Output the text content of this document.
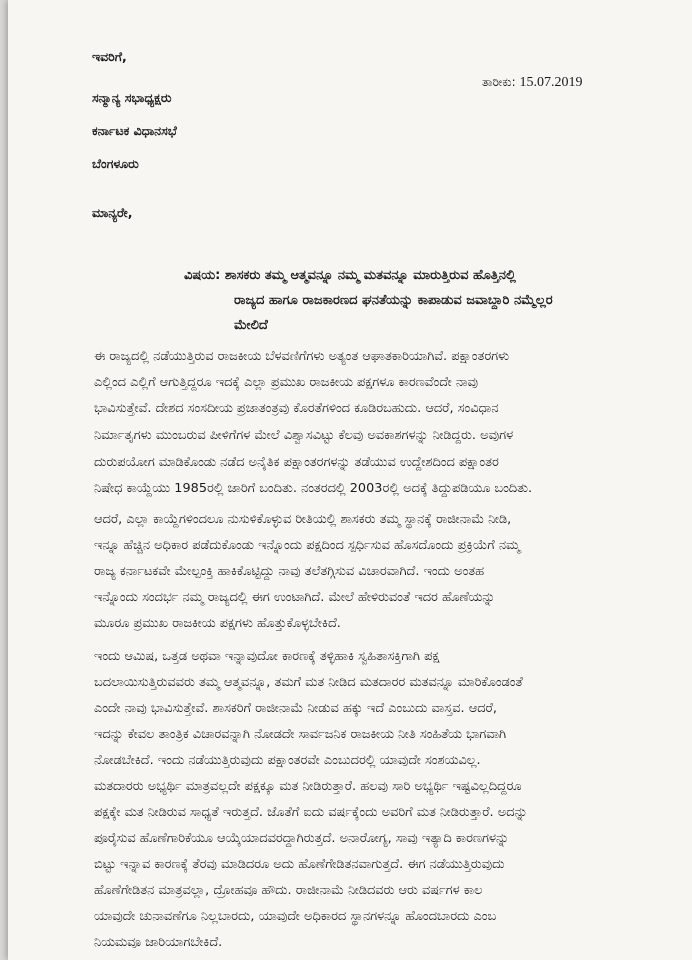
ಇವರಿಗೆ,
ಸನ್ಮಾನ್ಯ ಸಭಾಧ್ಯಕ್ಷರು
ಕರ್ನಾಟಕ ವಿಧಾನಸಭೆ
ಬೆಂಗಳೂರು
ತಾರೀಕು: 15.07.2019
ಮಾನ್ಯರೇ,
ವಿಷಯ: ಶಾಸಕರು ತಮ್ಮ ಆತ್ಮವನ್ನೂ ನಮ್ಮ ಮತವನ್ನೂ ಮಾರುತ್ತಿರುವ ಹೊತ್ತಿನಲ್ಲಿ
ರಾಜ್ಯದ ಹಾಗೂ ರಾಜಕಾರಣದ ಘನತೆಯನ್ನು ಕಾಪಾಡುವ ಜವಾಬ್ದಾರಿ ನಮ್ಮೆಲ್ಲರ
ಮೇಲಿದೆ
ಈ ರಾಜ್ಯದಲ್ಲಿ ನಡೆಯುತ್ತಿರುವ ರಾಜಕೀಯ ಬೆಳವಣಿಗೆಗಳು ಅತ್ಯಂತ ಆಘಾತಕಾರಿಯಾಗಿವೆ. ಪಕ್ಷಾಂತರಗಳು
ಎಲ್ಲಿಂದ ಎಲ್ಲಿಗೆ ಆಗುತ್ತಿದ್ದರೂ ಇದಕ್ಕೆ ಎಲ್ಲಾ ಪ್ರಮುಖ ರಾಜಕೀಯ ಪಕ್ಷಗಳೂ ಕಾರಣವೆಂದೇ ನಾವು
ಭಾವಿಸುತ್ತೇವೆ. ದೇಶದ ಸಂಸದೀಯ ಪ್ರಜಾತಂತ್ರವು ಕೊರತೆಗಳಿಂದ ಕೂಡಿರಬಹುದು. ಆದರೆ, ಸಂವಿಧಾನ
ನಿರ್ಮಾತೃಗಳು ಮುಂಬರುವ ಪೀಳಿಗೆಗಳ ಮೇಲೆ ವಿಶ್ವಾಸವಿಟ್ಟು ಕೆಲವು ಅವಕಾಶಗಳನ್ನು ನೀಡಿದ್ದರು. ಅವುಗಳ
ದುರುಪಯೋಗ ಮಾಡಿಕೊಂಡು ನಡೆದ ಅನೈತಿಕ ಪಕ್ಷಾಂತರಗಳನ್ನು ತಡೆಯುವ ಉದ್ದೇಶದಿಂದ ಪಕ್ಷಾಂತರ
ನಿಷೇಧ ಕಾಯ್ದೆಯು 1985ರಲ್ಲಿ ಜಾರಿಗೆ ಬಂದಿತು. ನಂತರದಲ್ಲಿ 2003ರಲ್ಲಿ ಅದಕ್ಕೆ ತಿದ್ದುಪಡಿಯೂ ಬಂದಿತು.
ಆದರೆ, ಎಲ್ಲಾ ಕಾಯ್ದೆಗಳಿಂದಲೂ ನುಸುಳಿಕೊಳ್ಳುವ ರೀತಿಯಲ್ಲಿ ಶಾಸಕರು ತಮ್ಮ ಸ್ಥಾನಕ್ಕೆ ರಾಜೀನಾಮೆ ನೀಡಿ,
ಇನ್ನೂ ಹೆಚ್ಚಿನ ಅಧಿಕಾರ ಪಡೆದುಕೊಂಡು ಇನ್ನೊಂದು ಪಕ್ಷದಿಂದ ಸ್ಪರ್ಧಿಸುವ ಹೊಸದೊಂದು ಪ್ರಕ್ರಿಯೆಗೆ ನಮ್ಮ
ರಾಜ್ಯ ಕರ್ನಾಟಕವೇ ಮೇಲ್ಪಂಕ್ತಿ ಹಾಕಿಕೊಟ್ಟಿದ್ದು ನಾವು ತಲೆತಗ್ಗಿಸುವ ವಿಚಾರವಾಗಿದೆ. ಇಂದು ಅಂತಹ
ಇನ್ನೊಂದು ಸಂದರ್ಭ ನಮ್ಮ ರಾಜ್ಯದಲ್ಲಿ ಈಗ ಉಂಟಾಗಿದೆ. ಮೇಲೆ ಹೇಳಿರುವಂತೆ ಇದರ ಹೊಣೆಯನ್ನು
ಮೂರೂ ಪ್ರಮುಖ ರಾಜಕೀಯ ಪಕ್ಷಗಳು ಹೊತ್ತುಕೊಳ್ಳಬೇಕಿದೆ.
ಇಂದು ಆಮಿಷ, ಒತ್ತಡ ಅಥವಾ ಇನ್ನಾವುದೋ ಕಾರಣಕ್ಕೆ ತಳ್ಳಿಹಾಕಿ ಸ್ವಹಿತಾಸಕ್ತಿಗಾಗಿ ಪಕ್ಷ
ಬದಲಾಯಿಸುತ್ತಿರುವವರು ತಮ್ಮ ಆತ್ಮವನ್ನೂ, ತಮಗೆ ಮತ ನೀಡಿದ ಮತದಾರರ ಮತವನ್ನೂ ಮಾರಿಕೊಂಡಂತೆ
ಎಂದೇ ನಾವು ಭಾವಿಸುತ್ತೇವೆ. ಶಾಸಕರಿಗೆ ರಾಜೀನಾಮೆ ನೀಡುವ ಹಕ್ಕು ಇದೆ ಎಂಬುದು ವಾಸ್ತವ. ಆದರೆ,
ಇದನ್ನು ಕೇವಲ ತಾಂತ್ರಿಕ ವಿಚಾರವನ್ನಾಗಿ ನೋಡದೇ ಸಾರ್ವಜನಿಕ ರಾಜಕೀಯ ನೀತಿ ಸಂಹಿತೆಯ ಭಾಗವಾಗಿ
ನೋಡಬೇಕಿದೆ. ಇಂದು ನಡೆಯುತ್ತಿರುವುದು ಪಕ್ಷಾಂತರವೇ ಎಂಬುದರಲ್ಲಿ ಯಾವುದೇ ಸಂಶಯವಿಲ್ಲ.
ಮತದಾರರು ಅಭ್ಯರ್ಥಿ ಮಾತ್ರವಲ್ಲದೇ ಪಕ್ಷಕ್ಕೂ ಮತ ನೀಡಿರುತ್ತಾರೆ. ಹಲವು ಸಾರಿ ಅಭ್ಯರ್ಥಿ ಇಷ್ಟವಿಲ್ಲದಿದ್ದರೂ
ಪಕ್ಷಕ್ಕೇ ಮತ ನೀಡಿರುವ ಸಾಧ್ಯತೆ ಇರುತ್ತದೆ. ಜೊತೆಗೆ ಐದು ವರ್ಷಕ್ಕೆಂದು ಅವರಿಗೆ ಮತ ನೀಡಿರುತ್ತಾರೆ. ಅದನ್ನು
ಪೂರೈಸುವ ಹೊಣೆಗಾರಿಕೆಯೂ ಆಯ್ಕೆಯಾದವರದ್ದಾಗಿರುತ್ತದೆ. ಅನಾರೋಗ್ಯ, ಸಾವು ಇತ್ಯಾದಿ ಕಾರಣಗಳನ್ನು
ಬಿಟ್ಟು ಇನ್ನಾವ ಕಾರಣಕ್ಕೆ ತೆರವು ಮಾಡಿದರೂ ಅದು ಹೊಣೆಗೇಡಿತನವಾಗುತ್ತದೆ. ಈಗ ನಡೆಯುತ್ತಿರುವುದು
ಹೊಣೆಗೇಡಿತನ ಮಾತ್ರವಲ್ಲಾ, ದ್ರೋಹವೂ ಹೌದು. ರಾಜೀನಾಮೆ ನೀಡಿದವರು ಆರು ವರ್ಷಗಳ ಕಾಲ
ಯಾವುದೇ ಚುನಾವಣೆಗೂ ನಿಲ್ಲಬಾರದು, ಯಾವುದೇ ಅಧಿಕಾರದ ಸ್ಥಾನಗಳನ್ನೂ ಹೊಂದಬಾರದು ಎಂಬ
ನಿಯಮವೂ ಜಾರಿಯಾಗಬೇಕಿದೆ.
